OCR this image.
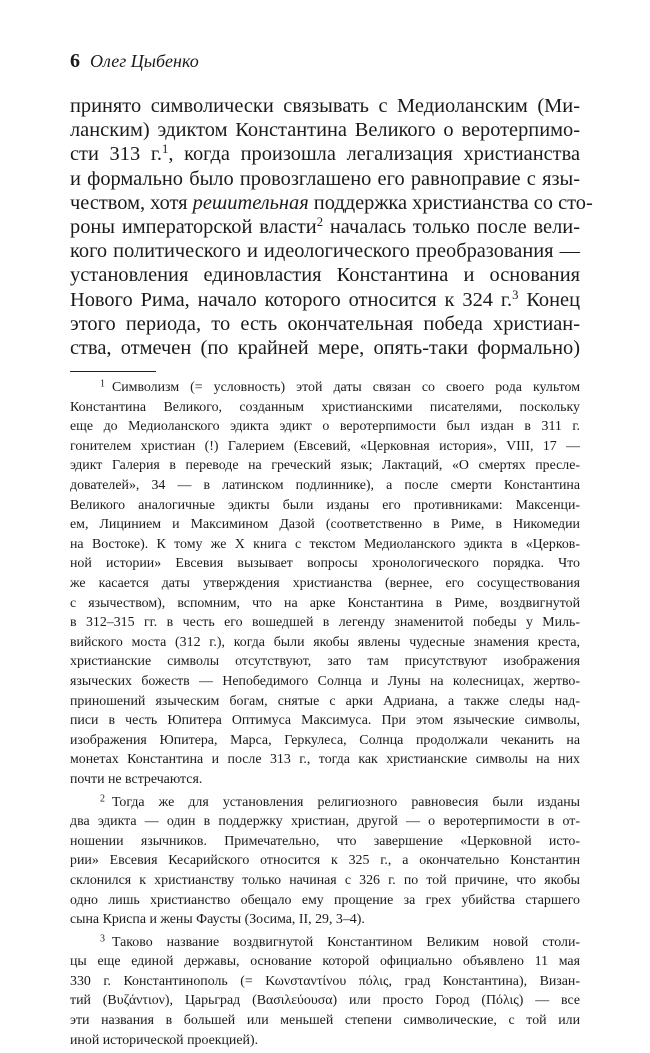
6 Олег Цыбенко
принято символически связывать с Медиоланским (Ми-
ланским) эдиктом Константина Великого о веротерпимо-
сти 313 г.$^1$, когда произошла легализация христианства
и формально было провозглашено его равноправие с язы-
чеством, хотя решительная поддержка христианства со сто-
роны императорской власти$^2$ началась только после вели-
кого политического и идеологического преобразования —
установления единовластия Константина и основания
Нового Рима, начало которого относится к 324 г.$^3$ Конец
этого периода, то есть окончательная победа христиан-
ства, отмечен (по крайней мере, опять-таки формально)
$^1$  Символизм (= условность) этой даты связан со своего рода культом
Константина Великого, созданным христианскими писателями, поскольку
еще до Медиоланского эдикта эдикт о веротерпимости был издан в 311 г.
гонителем христиан (!) Галерием (Евсевий, «Церковная история», VIII, 17 —
эдикт Галерия в переводе на греческий язык; Лактаций, «О смертях пресле-
дователей», 34 — в латинском подлиннике), а после смерти Константина
Великого аналогичные эдикты были изданы его противниками: Максенци-
ем, Лицинием и Максимином Дазой (соответственно в Риме, в Никомедии
на Востоке). К тому же X книга с текстом Медиоланского эдикта в «Церков-
ной истории» Евсевия вызывает вопросы хронологического порядка. Что
же касается даты утверждения христианства (вернее, его сосуществования
с язычеством), вспомним, что на арке Константина в Риме, воздвигнутой
в 312–315 гг. в честь его вошедшей в легенду знаменитой победы у Миль-
вийского моста (312 г.), когда были якобы явлены чудесные знамения креста,
христианские символы отсутствуют, зато там присутствуют изображения
языческих божеств — Непобедимого Солнца и Луны на колесницах, жертво-
приношений языческим богам, снятые с арки Адриана, а также следы над-
писи в честь Юпитера Оптимуса Максимуса. При этом языческие символы,
изображения Юпитера, Марса, Геркулеса, Солнца продолжали чеканить на
монетах Константина и после 313 г., тогда как христианские символы на них
почти не встречаются.
$^2$  Тогда же для установления религиозного равновесия были изданы
два эдикта — один в поддержку христиан, другой — о веротерпимости в от-
ношении язычников. Примечательно, что завершение «Церковной исто-
рии» Евсевия Кесарийского относится к 325 г., а окончательно Константин
склонился к христианству только начиная с 326 г. по той причине, что якобы
одно лишь христианство обещало ему прощение за грех убийства старшего
сына Криспа и жены Фаусты (Зосима, II, 29, 3–4).
$^3$  Таково название воздвигнутой Константином Великим новой столи-
цы еще единой державы, основание которой официально объявлено 11 мая
330 г. Константинополь (= Κωνσταντίνου πόλις, град Константина), Визан-
тий (Βυζάντιον), Царьград (Βασιλεύουσα) или просто Город (Πόλις) — все
эти названия в большей или меньшей степени символические, с той или
иной исторической проекцией).
